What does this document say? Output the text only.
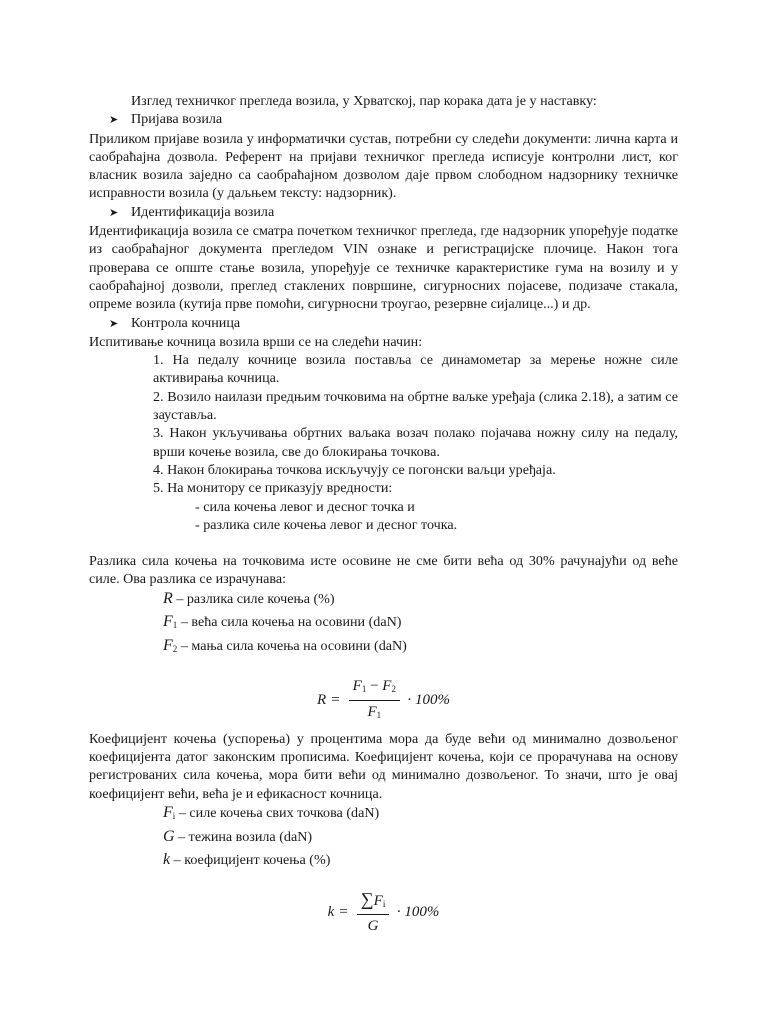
Изглед техничког прегледа возила, у Хрватској, пар корака дата је у наставку:

➤ Пријава возила

Приликом пријаве возила у информатички сустав, потребни су следећи документи: лична карта и саобраћајна дозвола. Референт на пријави техничког прегледа исписује контролни лист, ког власник возила заједно са саобраћајном дозволом даје првом слободном надзорнику техничке исправности возила (у даљњем тексту: надзорник).

➤ Идентификација возила

Идентификација возила се сматра почетком техничког прегледа, где надзорник упоређује податке из саобраћајног документа прегледом VIN ознаке и регистрацијске плочице. Након тога проверава се опште стање возила, упоређује се техничке карактеристике гума на возилу и у саобраћајној дозволи, преглед стаклених површине, сигурносних појасеве, подизаче стакала, опреме возила (кутија прве помоћи, сигурносни троугао, резервне сијалице...) и др.

➤ Контрола кочница

Испитивање кочница возила врши се на следећи начин:

1. На педалу кочнице возила поставља се динамометар за мерење ножне силе активирања кочница.

2. Возило наилази предњим точковима на обртне ваљке уређаја (слика 2.18), а затим се зауставља.

3. Након укључивања обртних ваљака возач полако појачава ножну силу на педалу, врши кочење возила, све до блокирања точкова.

4. Након блокирања точкова искључују се погонски ваљци уређаја.

5. На монитору се приказују вредности:

- сила кочења левог и десног точка и

- разлика силе кочења левог и десног точка.

Разлика сила кочења на точковима исте осовине не сме бити већа од 30% рачунајући од веће силе. Ова разлика се израчунава:

R – разлика силе кочења (%)
$F_1$ – већа сила кочења на осовини (daN)
$F_2$ – мања сила кочења на осовини (daN)
$R = \frac{F_1 - F_2}{F_1} \cdot 100\%$

Коефицијент кочења (успорења) у процентима мора да буде већи од минимално дозвољеног коефицијента датог законским прописима. Коефицијент кочења, који се прорачунава на основу регистрованих сила кочења, мора бити већи од минимално дозвољеног. То значи, што је овај коефицијент већи, већа је и ефикасност кочница.

$F_i$ – силе кочења свих точкова (daN)
G – тежина возила (daN)
k – коефицијент кочења (%)
$k = \frac{\sum F_i}{G} \cdot 100\%$
